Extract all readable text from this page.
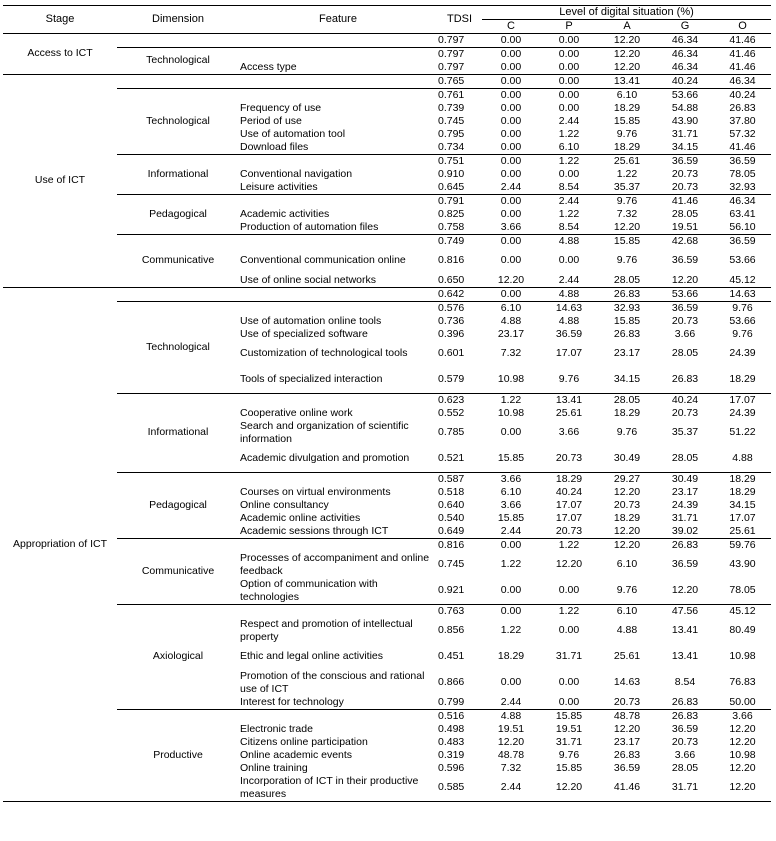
Stage	Dimension	Feature	TDSI	Level of digital situation (%)				
				C	P	A	G	O
Access to ICT			0.797	0.00	0.00	12.20	46.34	41.46
	Technological		0.797	0.00	0.00	12.20	46.34	41.46
		Access type	0.797	0.00	0.00	12.20	46.34	41.46
Use of ICT			0.765	0.00	0.00	13.41	40.24	46.34
	Technological		0.761	0.00	0.00	6.10	53.66	40.24
		Frequency of use	0.739	0.00	0.00	18.29	54.88	26.83
		Period of use	0.745	0.00	2.44	15.85	43.90	37.80
		Use of automation tool	0.795	0.00	1.22	9.76	31.71	57.32
		Download files	0.734	0.00	6.10	18.29	34.15	41.46
	Informational		0.751	0.00	1.22	25.61	36.59	36.59
		Conventional navigation	0.910	0.00	0.00	1.22	20.73	78.05
		Leisure activities	0.645	2.44	8.54	35.37	20.73	32.93
	Pedagogical		0.791	0.00	2.44	9.76	41.46	46.34
		Academic activities	0.825	0.00	1.22	7.32	28.05	63.41
		Production of automation files	0.758	3.66	8.54	12.20	19.51	56.10
	Communicative		0.749	0.00	4.88	15.85	42.68	36.59
		Conventional communication online	0.816	0.00	0.00	9.76	36.59	53.66
		Use of online social networks	0.650	12.20	2.44	28.05	12.20	45.12
Appropriation of ICT			0.642	0.00	4.88	26.83	53.66	14.63
	Technological		0.576	6.10	14.63	32.93	36.59	9.76
		Use of automation online tools	0.736	4.88	4.88	15.85	20.73	53.66
		Use of specialized software	0.396	23.17	36.59	26.83	3.66	9.76
		Customization of technological tools	0.601	7.32	17.07	23.17	28.05	24.39
		Tools of specialized interaction	0.579	10.98	9.76	34.15	26.83	18.29
	Informational		0.623	1.22	13.41	28.05	40.24	17.07
		Cooperative online work	0.552	10.98	25.61	18.29	20.73	24.39
		Search and organization of scientific information	0.785	0.00	3.66	9.76	35.37	51.22
		Academic divulgation and promotion	0.521	15.85	20.73	30.49	28.05	4.88
	Pedagogical		0.587	3.66	18.29	29.27	30.49	18.29
		Courses on virtual environments	0.518	6.10	40.24	12.20	23.17	18.29
		Online consultancy	0.640	3.66	17.07	20.73	24.39	34.15
		Academic online activities	0.540	15.85	17.07	18.29	31.71	17.07
		Academic sessions through ICT	0.649	2.44	20.73	12.20	39.02	25.61
	Communicative		0.816	0.00	1.22	12.20	26.83	59.76
		Processes of accompaniment and online feedback	0.745	1.22	12.20	6.10	36.59	43.90
		Option of communication with technologies	0.921	0.00	0.00	9.76	12.20	78.05
	Axiological		0.763	0.00	1.22	6.10	47.56	45.12
		Respect and promotion of intellectual property	0.856	1.22	0.00	4.88	13.41	80.49
		Ethic and legal online activities	0.451	18.29	31.71	25.61	13.41	10.98
		Promotion of the conscious and rational use of ICT	0.866	0.00	0.00	14.63	8.54	76.83
		Interest for technology	0.799	2.44	0.00	20.73	26.83	50.00
	Productive		0.516	4.88	15.85	48.78	26.83	3.66
		Electronic trade	0.498	19.51	19.51	12.20	36.59	12.20
		Citizens online participation	0.483	12.20	31.71	23.17	20.73	12.20
		Online academic events	0.319	48.78	9.76	26.83	3.66	10.98
		Online training	0.596	7.32	15.85	36.59	28.05	12.20
		Incorporation of ICT in their productive measures	0.585	2.44	12.20	41.46	31.71	12.20
